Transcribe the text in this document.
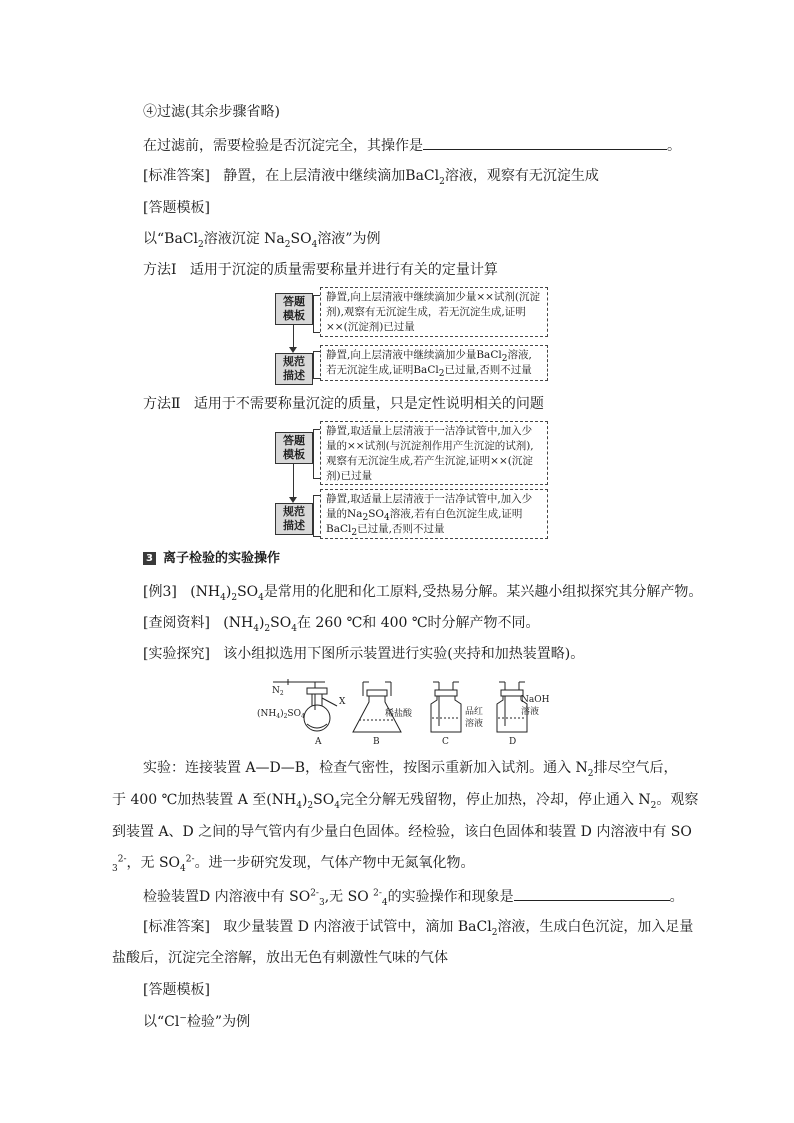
④过滤(其余步骤省略)
在过滤前，需要检验是否沉淀完全，其操作是	。
[标准答案] 静置，在上层清液中继续滴加BaCl$_2$溶液，观察有无沉淀生成
[答题模板]
以“BaCl$_2$溶液沉淀 $Na_2SO_4$溶液”为例
方法Ⅰ 适用于沉淀的质量需要称量并进行有关的定量计算
答题
模板
规范
描述
静置,向上层清液中继续滴加少量××试剂(沉淀剂),观察有无沉淀生成，若无沉淀生成,证明××(沉淀剂)已过量
静置,向上层清液中继续滴加少量BaCl$_2$溶液,若无沉淀生成,证明BaCl$_2$已过量,否则不过量
方法Ⅱ 适用于不需要称量沉淀的质量，只是定性说明相关的问题
答题
模板
规范
描述
静置,取适量上层清液于一洁净试管中,加入少量的××试剂(与沉淀剂作用产生沉淀的试剂),观察有无沉淀生成,若产生沉淀,证明××(沉淀剂)已过量
静置,取适量上层清液于一洁净试管中,加入少量的$Na_2SO_4$溶液,若有白色沉淀生成,证明BaCl$_2$已过量,否则不过量
3 离子检验的实验操作
[例3] $(NH_4)_2SO_4$是常用的化肥和化工原料,受热易分解。某兴趣小组拟探究其分解产物。
[查阅资料] $(NH_4)_2SO_4$在 260 ℃和 400 ℃时分解产物不同。
[实验探究] 该小组拟选用下图所示装置进行实验(夹持和加热装置略)。
$N_2$
$(NH_4)_2SO_4$
X
稀盐酸	品红
溶液
NaOH
溶液
A	B	C	D
实验：连接装置 A—D—B，检查气密性，按图示重新加入试剂。通入 $N_2$排尽空气后，
于 400 ℃加热装置 A 至$(NH_4)_2SO_4$完全分解无残留物，停止加热，冷却，停止通入 $N_2$。观察
到装置 A、D 之间的导气管内有少量白色固体。经检验，该白色固体和装置 D 内溶液中有 SO
$_3^{2-}$，无 $SO_4^{2-}$。进一步研究发现，气体产物中无氮氧化物。
检验装置D 内溶液中有 $SO^{2-}_3$,无 SO $^{2-}_4$的实验操作和现象是	。
[标准答案] 取少量装置 D 内溶液于试管中，滴加 BaCl$_2$溶液，生成白色沉淀，加入足量
盐酸后，沉淀完全溶解，放出无色有刺激性气味的气体
[答题模板]
以“Cl−检验”为例
